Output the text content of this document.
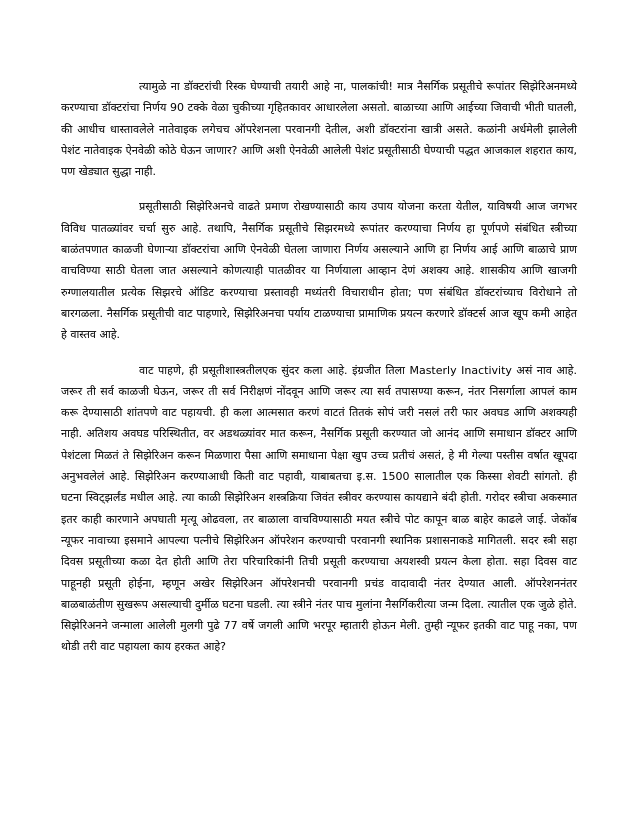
त्यामुळे ना डॉक्टरांची रिस्क घेण्याची तयारी आहे ना, पालकांची! मात्र नैसर्गिक प्रसूतीचे रूपांतर सिझेरिअनमध्ये करण्याचा डॉक्टरांचा निर्णय 90 टक्के वेळा चुकीच्या गृहितकावर आधारलेला असतो. बाळाच्या आणि आईच्या जिवाची भीती घातली, की आधीच धास्तावलेले नातेवाइक लगेचच ऑपरेशनला परवानगी देतील, अशी डॉक्टरांना खात्री असते. कळांनी अर्धमेली झालेली पेशंट नातेवाइक ऐनवेळी कोठे घेऊन जाणार? आणि अशी ऐनवेळी आलेली पेशंट प्रसूतीसाठी घेण्याची पद्धत आजकाल शहरात काय, पण खेड्यात सुद्धा नाही.

प्रसूतीसाठी सिझेरिअनचे वाढते प्रमाण रोखण्यासाठी काय उपाय योजना करता येतील, याविषयी आज जगभर विविध पातळ्यांवर चर्चा सुरु आहे. तथापि, नैसर्गिक प्रसूतीचे सिझरमध्ये रूपांतर करण्याचा निर्णय हा पूर्णपणे संबंधित स्त्रीच्या बाळंतपणात काळजी घेणाऱ्या डॉक्टरांचा आणि ऐनवेळी घेतला जाणारा निर्णय असल्याने आणि हा निर्णय आई आणि बाळाचे प्राण वाचविण्या साठी घेतला जात असल्याने कोणत्याही पातळीवर या निर्णयाला आव्हान देणं अशक्य आहे. शासकीय आणि खाजगी रुग्णालयातील प्रत्येक सिझरचे ऑडिट करण्याचा प्रस्तावही मध्यंतरी विचाराधीन होता; पण संबंधित डॉक्टरांच्याच विरोधाने तो बारगळला. नैसर्गिक प्रसूतीची वाट पाहणारे, सिझेरिअनचा पर्याय टाळण्याचा प्रामाणिक प्रयत्न करणारे डॉक्टर्स आज खूप कमी आहेत हे वास्तव आहे.

वाट पाहणे, ही प्रसूतीशास्त्रतीलएक सुंदर कला आहे. इंग्रजीत तिला Masterly Inactivity असं नाव आहे. जरूर ती सर्व काळजी घेऊन, जरूर ती सर्व निरीक्षणं नोंदवून आणि जरूर त्या सर्व तपासण्या करून, नंतर निसर्गाला आपलं काम करू देण्यासाठी शांतपणे वाट पहायची. ही कला आत्मसात करणं वाटतं तितकं सोपं जरी नसलं तरी फार अवघड आणि अशक्यही नाही. अतिशय अवघड परिस्थितीत, वर अडथळ्यांवर मात करून, नैसर्गिक प्रसूती करण्यात जो आनंद आणि समाधान डॉक्टर आणि पेशंटला मिळतं ते सिझेरिअन करून मिळणारा पैसा आणि समाधाना पेक्षा खुप उच्च प्रतीचं असतं, हे मी गेल्या पस्तीस वर्षात खूपदा अनुभवलेलं आहे. सिझेरिअन करण्याआधी किती वाट पहावी, याबाबतचा इ.स. 1500 सालातील एक किस्सा शेवटी सांगतो. ही घटना स्विट्झर्लंड मधील आहे. त्या काळी सिझेरिअन शस्त्रक्रिया जिवंत स्त्रीवर करण्यास कायद्याने बंदी होती. गरोदर स्त्रीचा अकस्मात इतर काही कारणाने अपघाती मृत्यू ओढवला, तर बाळाला वाचविण्यासाठी मयत स्त्रीचे पोट कापून बाळ बाहेर काढले जाई. जेकॉब न्यूफर नावाच्या इसमाने आपल्या पत्नीचे सिझेरिअन ऑपरेशन करण्याची परवानगी स्थानिक प्रशासनाकडे मागितली. सदर स्त्री सहा दिवस प्रसूतीच्या कळा देत होती आणि तेरा परिचारिकांनी तिची प्रसूती करण्याचा अयशस्वी प्रयत्न केला होता. सहा दिवस वाट पाहूनही प्रसूती होईना, म्हणून अखेर सिझेरिअन ऑपरेशनची परवानगी प्रचंड वादावादी नंतर देण्यात आली. ऑपरेशननंतर बाळबाळंतीण सुखरूप असल्याची दुर्मीळ घटना घडली. त्या स्त्रीने नंतर पाच मुलांना नैसर्गिकरीत्या जन्म दिला. त्यातील एक जुळे होते. सिझेरिअनने जन्माला आलेली मुलगी पुढे 77 वर्षे जगली आणि भरपूर म्हातारी होऊन मेली. तुम्ही न्यूफर इतकी वाट पाहू नका, पण थोडी तरी वाट पहायला काय हरकत आहे?
